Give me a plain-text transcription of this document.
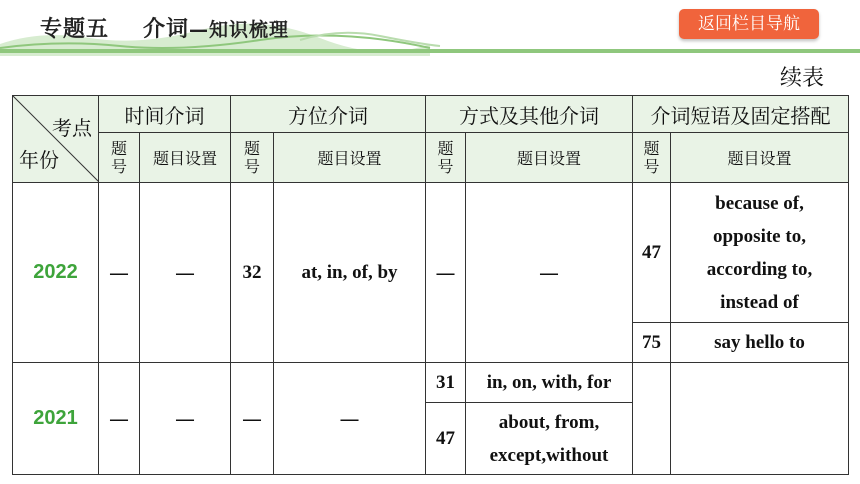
专题五 介词—知识梳理	返回栏目导航
续表
考点
年份	时间介词		方位介词		方式及其他介词		介词短语及固定搭配	
	题号	题目设置	题号	题目设置	题号	题目设置	题号	题目设置
2022	—	—	32	at, in, of, by	—	—	47	because of,
opposite to,
according to,
instead of

							75	say hello to
2021	—	—	—	—	31	in, on, with, for		
					47	about, from,
except,without		
